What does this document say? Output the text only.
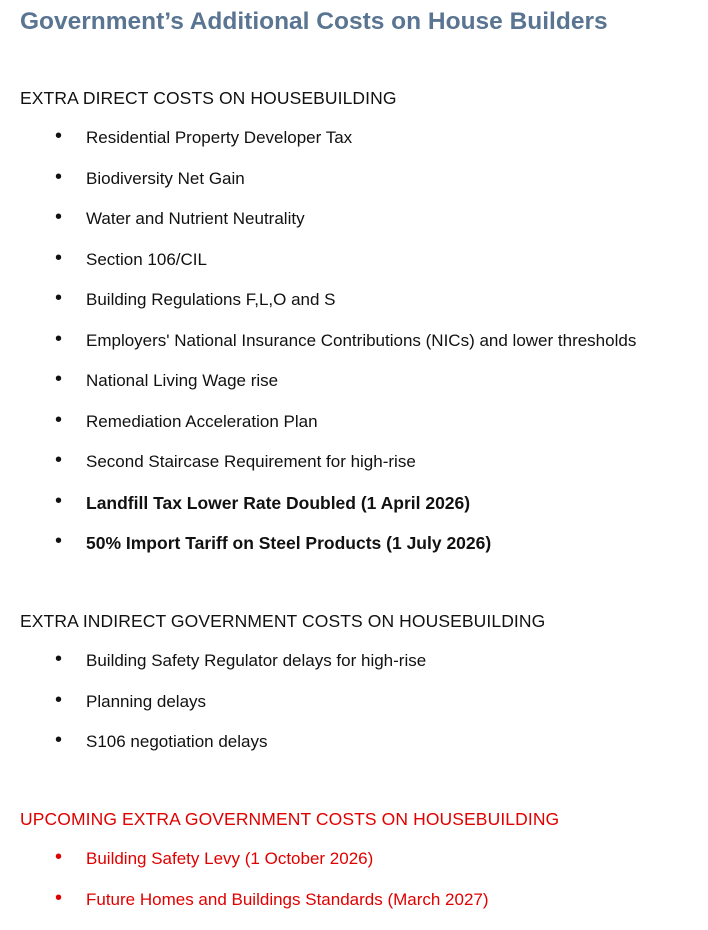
Government’s Additional Costs on House Builders
EXTRA DIRECT COSTS ON HOUSEBUILDING
• Residential Property Developer Tax
• Biodiversity Net Gain
• Water and Nutrient Neutrality
• Section 106/CIL
• Building Regulations F,L,O and S
• Employers' National Insurance Contributions (NICs) and lower thresholds
• National Living Wage rise
• Remediation Acceleration Plan
• Second Staircase Requirement for high-rise
• Landfill Tax Lower Rate Doubled (1 April 2026)
• 50% Import Tariff on Steel Products (1 July 2026)
EXTRA INDIRECT GOVERNMENT COSTS ON HOUSEBUILDING
• Building Safety Regulator delays for high-rise
• Planning delays
• S106 negotiation delays
UPCOMING EXTRA GOVERNMENT COSTS ON HOUSEBUILDING
• Building Safety Levy (1 October 2026)
• Future Homes and Buildings Standards (March 2027)
